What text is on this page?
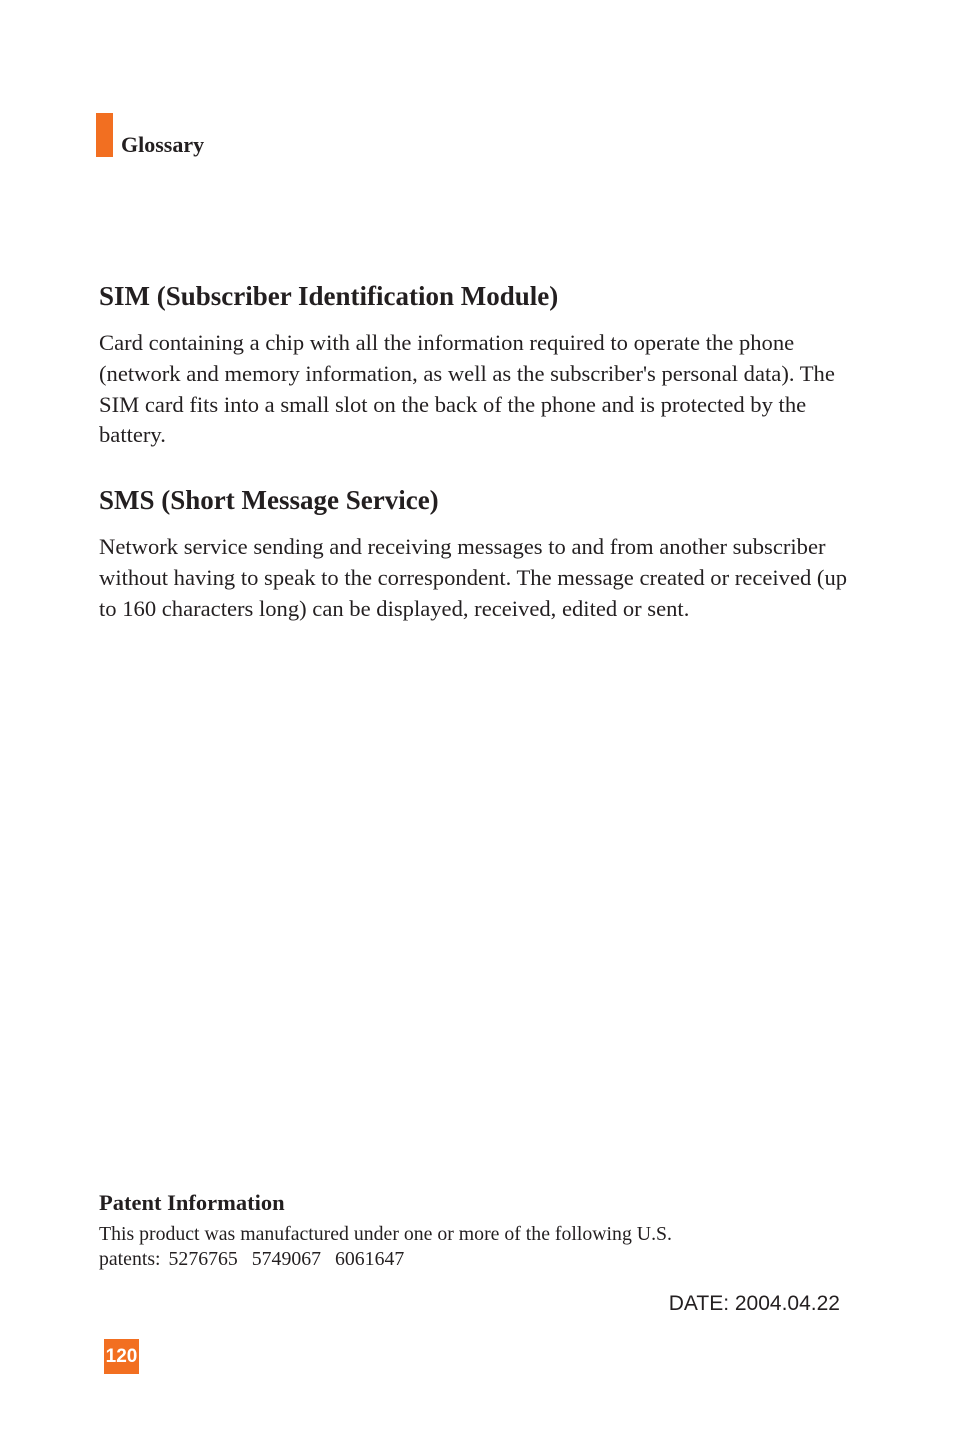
Glossary
SIM (Subscriber Identification Module)

Card containing a chip with all the information required to operate the phone (network and memory information, as well as the subscriber's personal data). The SIM card fits into a small slot on the back of the phone and is protected by the battery.

SMS (Short Message Service)

Network service sending and receiving messages to and from another subscriber without having to speak to the correspondent. The message created or received (up to 160 characters long) can be displayed, received, edited or sent.

Patent Information
This product was manufactured under one or more of the following U.S.
patents: 5276765 5749067 6061647
DATE: 2004.04.22
120
